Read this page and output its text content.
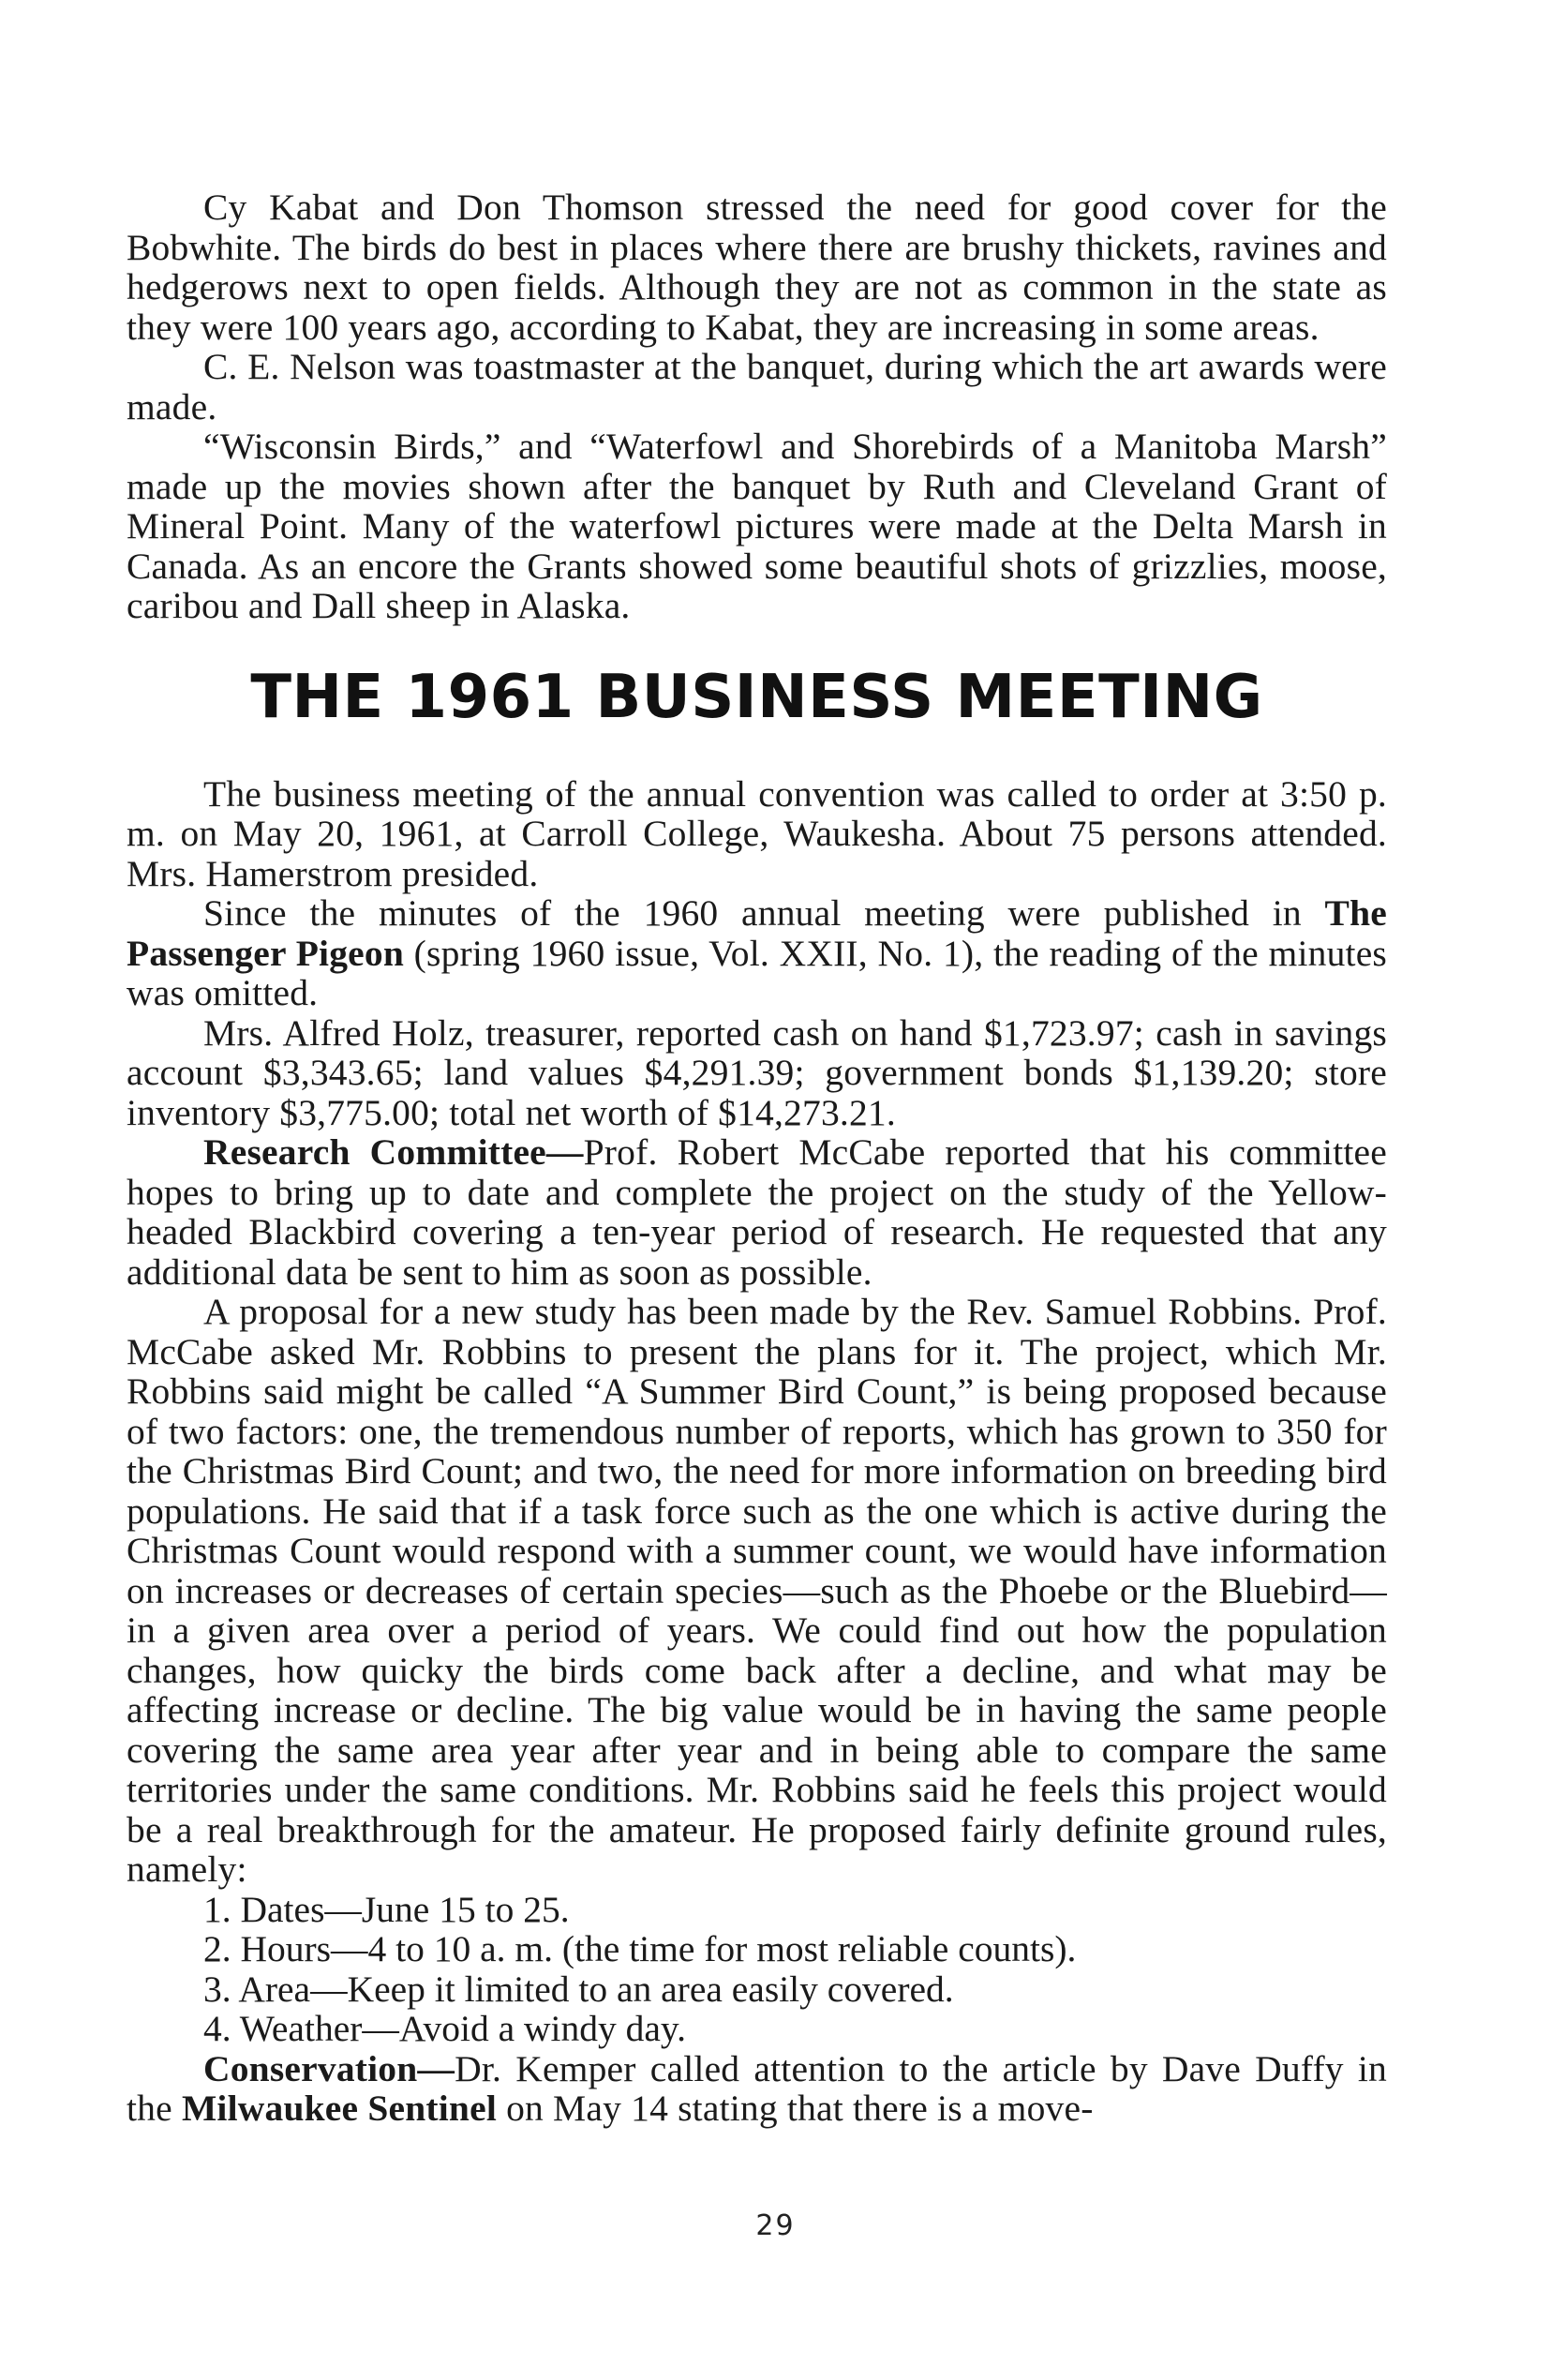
Cy Kabat and Don Thomson stressed the need for good cover for the Bobwhite. The birds do best in places where there are brushy thickets, ravines and hedgerows next to open fields. Although they are not as common in the state as they were 100 years ago, according to Kabat, they are increasing in some areas.

C. E. Nelson was toastmaster at the banquet, during which the art awards were made.

“Wisconsin Birds,” and “Waterfowl and Shorebirds of a Manitoba Marsh” made up the movies shown after the banquet by Ruth and Cleveland Grant of Mineral Point. Many of the waterfowl pictures were made at the Delta Marsh in Canada. As an encore the Grants showed some beautiful shots of grizzlies, moose, caribou and Dall sheep in Alaska.

THE 1961 BUSINESS MEETING

The business meeting of the annual convention was called to order at 3:50 p. m. on May 20, 1961, at Carroll College, Waukesha. About 75 persons attended. Mrs. Hamerstrom presided.

Since the minutes of the 1960 annual meeting were published in The Passenger Pigeon (spring 1960 issue, Vol. XXII, No. 1), the reading of the minutes was omitted.

Mrs. Alfred Holz, treasurer, reported cash on hand $1,723.97; cash in savings account $3,343.65; land values $4,291.39; government bonds $1,139.20; store inventory $3,775.00; total net worth of $14,273.21.

Research Committee—Prof. Robert McCabe reported that his committee hopes to bring up to date and complete the project on the study of the Yellow-headed Blackbird covering a ten-year period of research. He requested that any additional data be sent to him as soon as possible.

A proposal for a new study has been made by the Rev. Samuel Robbins. Prof. McCabe asked Mr. Robbins to present the plans for it. The project, which Mr. Robbins said might be called “A Summer Bird Count,” is being proposed because of two factors: one, the tremendous number of reports, which has grown to 350 for the Christmas Bird Count; and two, the need for more information on breeding bird populations. He said that if a task force such as the one which is active during the Christmas Count would respond with a summer count, we would have information on increases or decreases of certain species—such as the Phoebe or the Bluebird—in a given area over a period of years. We could find out how the population changes, how quicky the birds come back after a decline, and what may be affecting increase or decline. The big value would be in having the same people covering the same area year after year and in being able to compare the same territories under the same conditions. Mr. Robbins said he feels this project would be a real breakthrough for the amateur. He proposed fairly definite ground rules, namely:

1. Dates—June 15 to 25.

2. Hours—4 to 10 a. m. (the time for most reliable counts).

3. Area—Keep it limited to an area easily covered.

4. Weather—Avoid a windy day.

Conservation—Dr. Kemper called attention to the article by Dave Duffy in the Milwaukee Sentinel on May 14 stating that there is a move-

29
